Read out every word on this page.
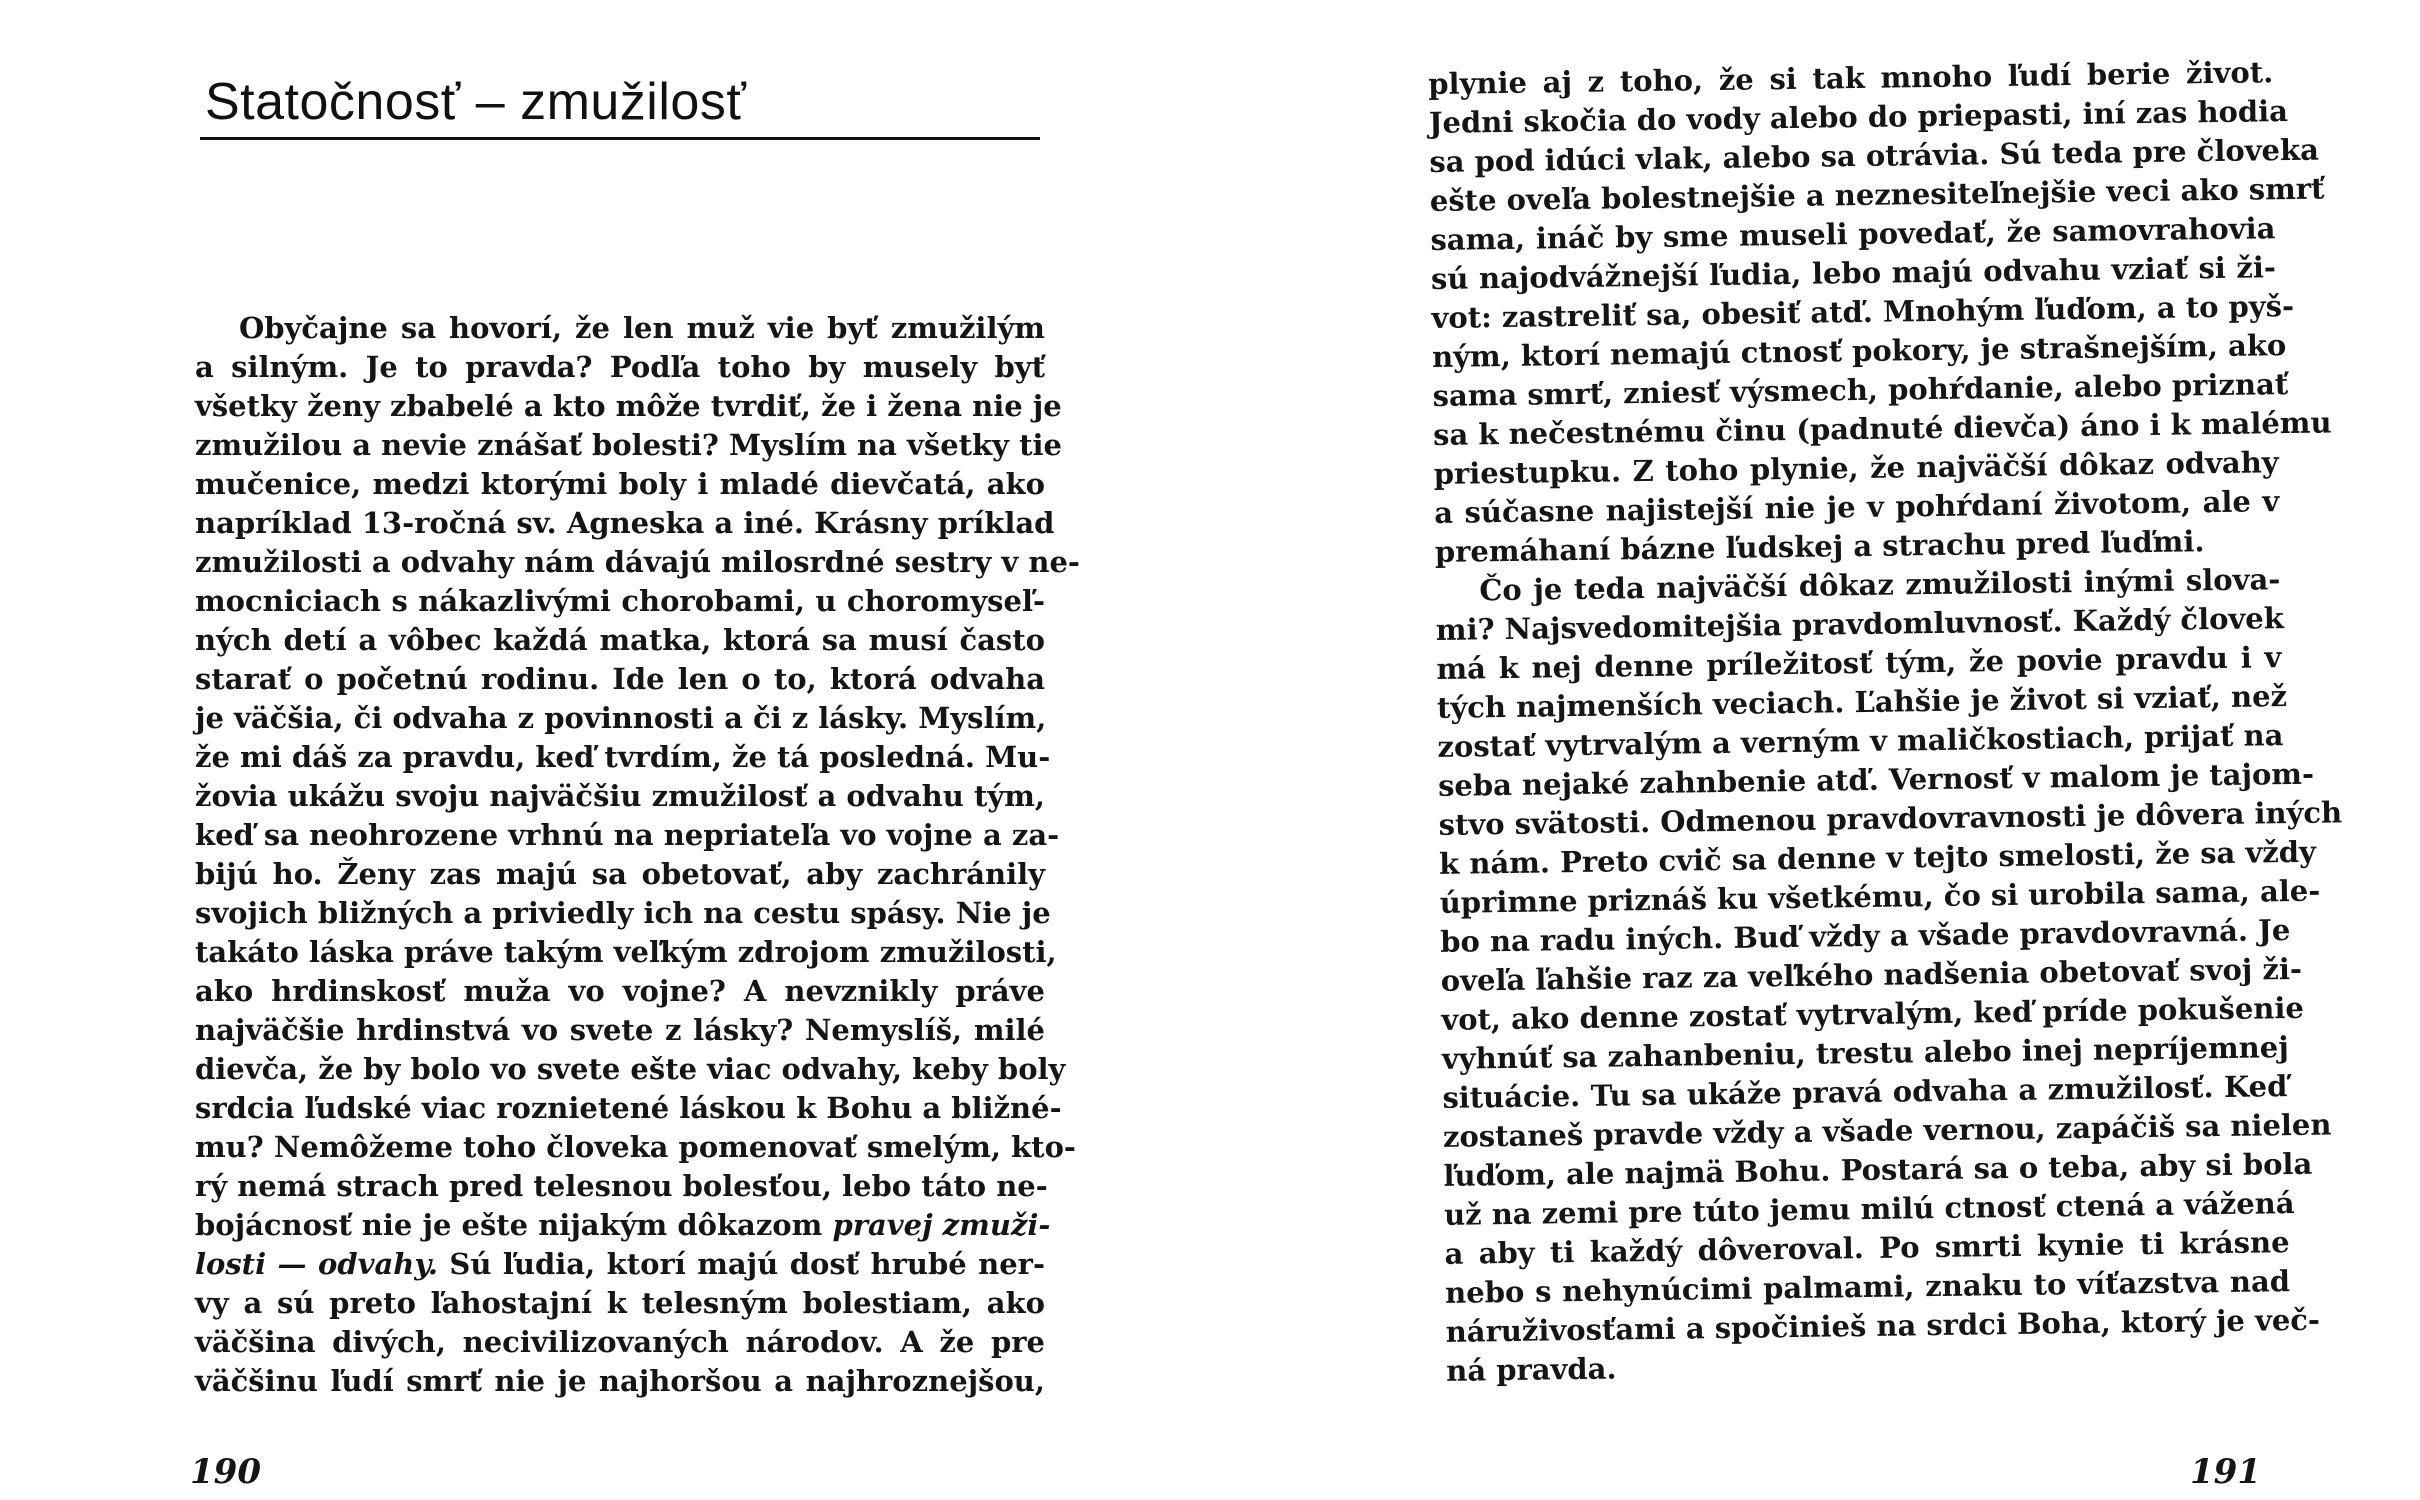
Statočnosť – zmužilosť
Obyčajne sa hovorí, že len muž vie byť zmužilým
a silným. Je to pravda? Podľa toho by musely byť
všetky ženy zbabelé a kto môže tvrdiť, že i žena nie je
zmužilou a nevie znášať bolesti? Myslím na všetky tie
mučenice, medzi ktorými boly i mladé dievčatá, ako
napríklad 13-ročná sv. Agneska a iné. Krásny príklad
zmužilosti a odvahy nám dávajú milosrdné sestry v ne-
mocniciach s nákazlivými chorobami, u choromyseľ-
ných detí a vôbec každá matka, ktorá sa musí často
starať o početnú rodinu. Ide len o to, ktorá odvaha
je väčšia, či odvaha z povinnosti a či z lásky. Myslím,
že mi dáš za pravdu, keď tvrdím, že tá posledná. Mu-
žovia ukážu svoju najväčšiu zmužilosť a odvahu tým,
keď sa neohrozene vrhnú na nepriateľa vo vojne a za-
bijú ho. Ženy zas majú sa obetovať, aby zachránily
svojich bližných a priviedly ich na cestu spásy. Nie je
takáto láska práve takým veľkým zdrojom zmužilosti,
ako hrdinskosť muža vo vojne? A nevznikly práve
najväčšie hrdinstvá vo svete z lásky? Nemyslíš, milé
dievča, že by bolo vo svete ešte viac odvahy, keby boly
srdcia ľudské viac roznietené láskou k Bohu a bližné-
mu? Nemôžeme toho človeka pomenovať smelým, kto-
rý nemá strach pred telesnou bolesťou, lebo táto ne-
bojácnosť nie je ešte nijakým dôkazom pravej zmuži-
losti — odvahy. Sú ľudia, ktorí majú dosť hrubé ner-
vy a sú preto ľahostajní k telesným bolestiam, ako
väčšina divých, necivilizovaných národov. A že pre
väčšinu ľudí smrť nie je najhoršou a najhroznejšou,
190
plynie aj z toho, že si tak mnoho ľudí berie život.
Jedni skočia do vody alebo do priepasti, iní zas hodia
sa pod idúci vlak, alebo sa otrávia. Sú teda pre človeka
ešte oveľa bolestnejšie a neznesiteľnejšie veci ako smrť
sama, ináč by sme museli povedať, že samovrahovia
sú najodvážnejší ľudia, lebo majú odvahu vziať si ži-
vot: zastreliť sa, obesiť atď. Mnohým ľuďom, a to pyš-
ným, ktorí nemajú ctnosť pokory, je strašnejším, ako
sama smrť, zniesť výsmech, pohŕdanie, alebo priznať
sa k nečestnému činu (padnuté dievča) áno i k malému
priestupku. Z toho plynie, že najväčší dôkaz odvahy
a súčasne najistejší nie je v pohŕdaní životom, ale v
premáhaní bázne ľudskej a strachu pred ľuďmi.
Čo je teda najväčší dôkaz zmužilosti inými slova-
mi? Najsvedomitejšia pravdomluvnosť. Každý človek
má k nej denne príležitosť tým, že povie pravdu i v
tých najmenších veciach. Ľahšie je život si vziať, než
zostať vytrvalým a verným v maličkostiach, prijať na
seba nejaké zahnbenie atď. Vernosť v malom je tajom-
stvo svätosti. Odmenou pravdovravnosti je dôvera iných
k nám. Preto cvič sa denne v tejto smelosti, že sa vždy
úprimne priznáš ku všetkému, čo si urobila sama, ale-
bo na radu iných. Buď vždy a všade pravdovravná. Je
oveľa ľahšie raz za veľkého nadšenia obetovať svoj ži-
vot, ako denne zostať vytrvalým, keď príde pokušenie
vyhnúť sa zahanbeniu, trestu alebo inej nepríjemnej
situácie. Tu sa ukáže pravá odvaha a zmužilosť. Keď
zostaneš pravde vždy a všade vernou, zapáčiš sa nielen
ľuďom, ale najmä Bohu. Postará sa o teba, aby si bola
už na zemi pre túto jemu milú ctnosť ctená a vážená
a aby ti každý dôveroval. Po smrti kynie ti krásne
nebo s nehynúcimi palmami, znaku to víťazstva nad
náruživosťami a spočinieš na srdci Boha, ktorý je več-
ná pravda.
191
